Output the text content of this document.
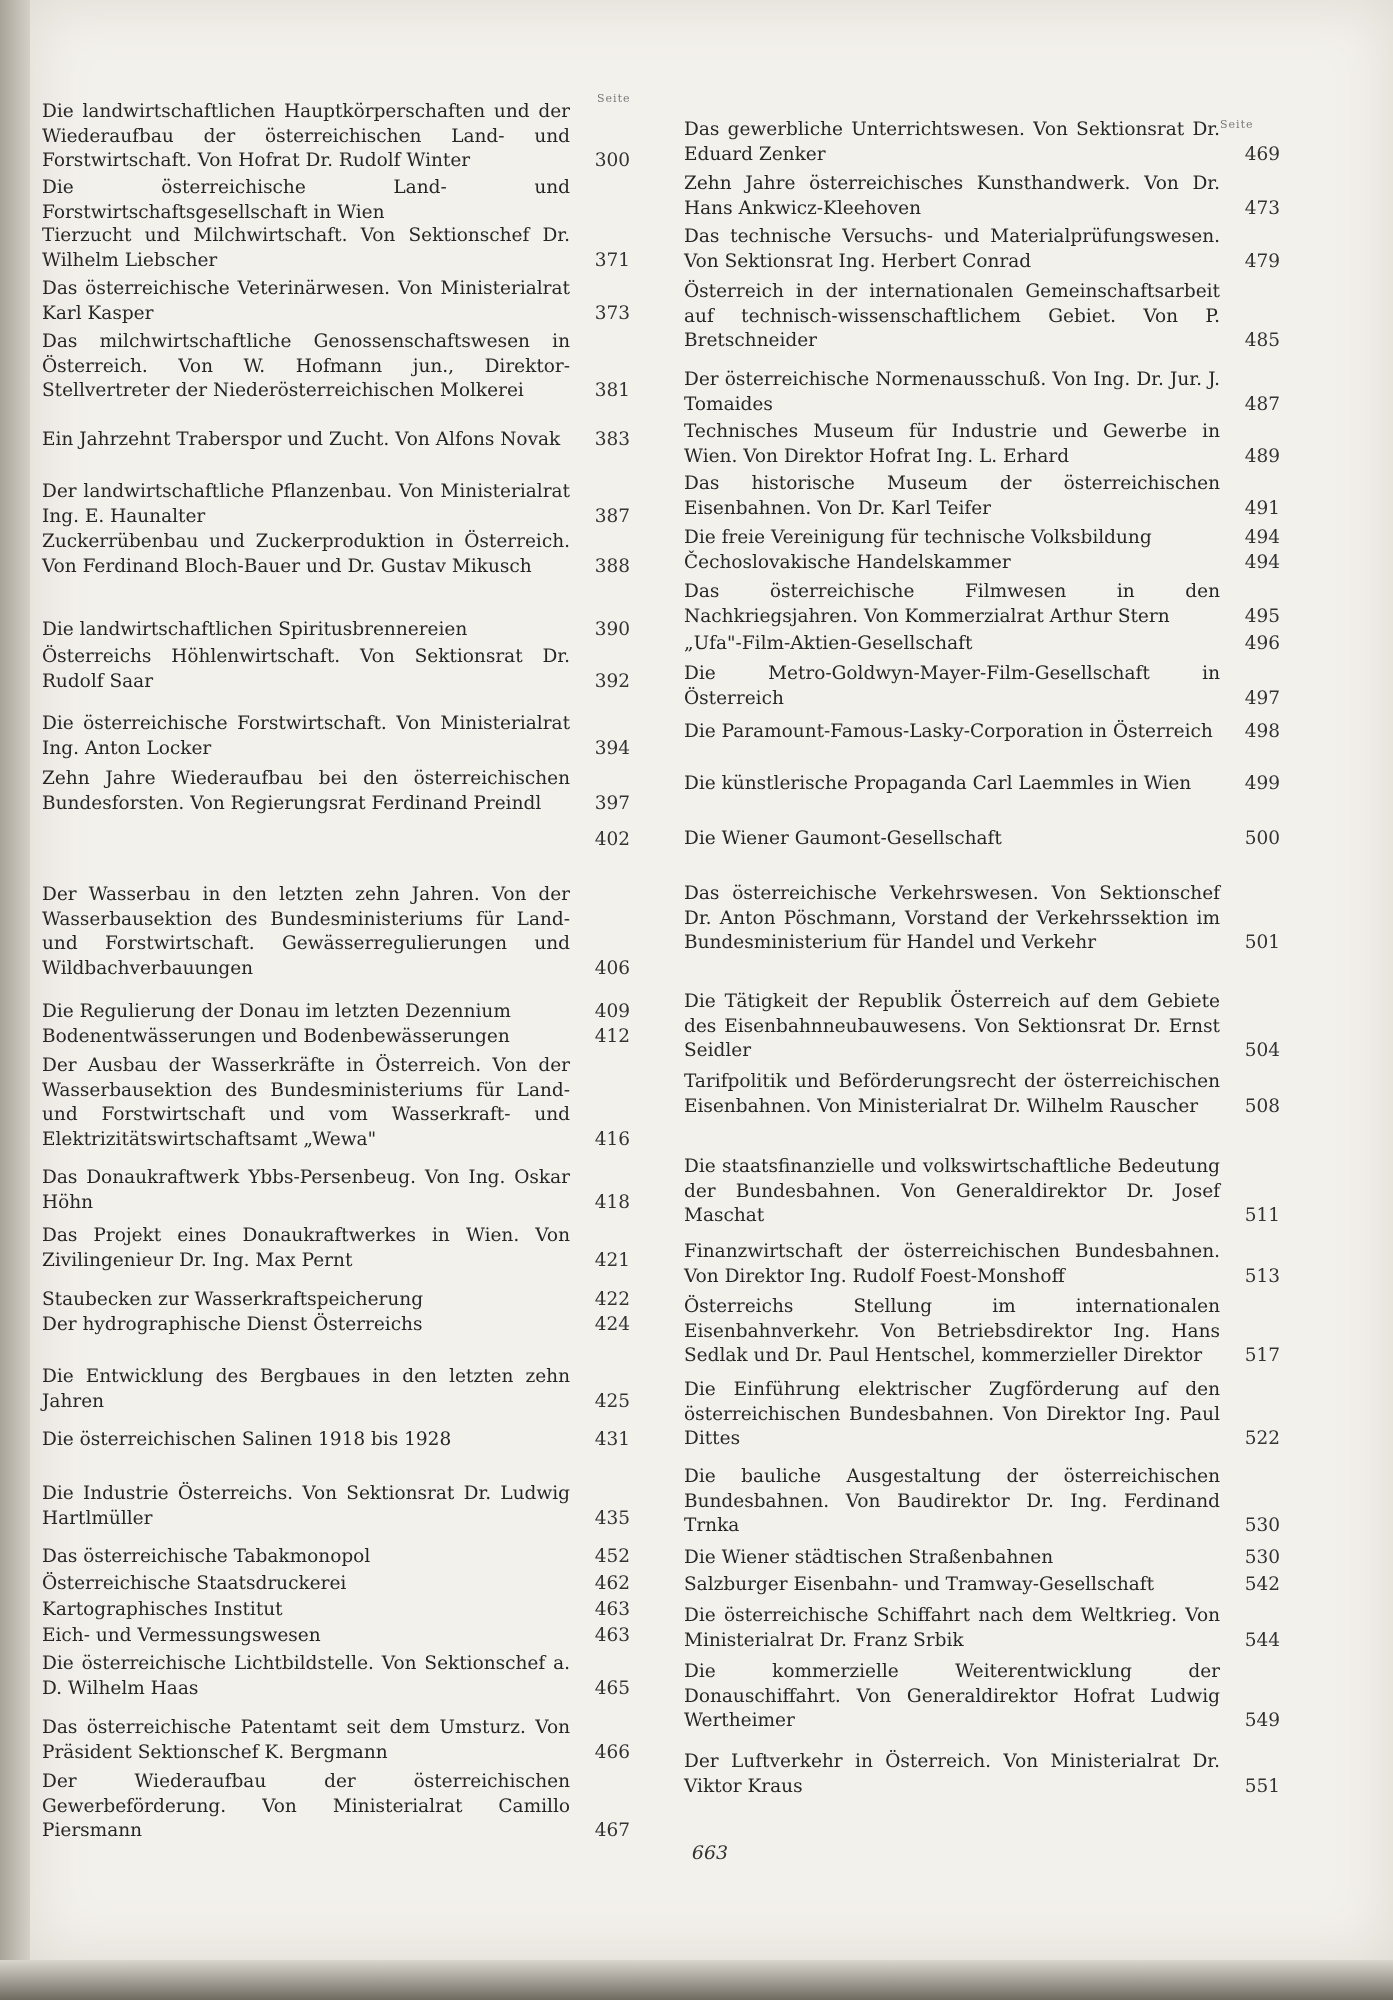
Seite
Die landwirtschaftlichen Hauptkörperschaften und der Wiederaufbau der österreichischen Land- und Forstwirtschaft. Von Hofrat Dr. Rudolf Winter	300
Die österreichische Land- und Forstwirtschaftsgesellschaft in Wien
Tierzucht und Milchwirtschaft. Von Sektionschef Dr. Wilhelm Liebscher	371
Das österreichische Veterinärwesen. Von Ministerialrat Karl Kasper	373
Das milchwirtschaftliche Genossenschaftswesen in Österreich. Von W. Hofmann jun., Direktor-Stellvertreter der Niederösterreichischen Molkerei	381
Ein Jahrzehnt Traberspor und Zucht. Von Alfons Novak	383
Der landwirtschaftliche Pflanzenbau. Von Ministerialrat Ing. E. Haunalter	387
Zuckerrübenbau und Zuckerproduktion in Österreich. Von Ferdinand Bloch-Bauer und Dr. Gustav Mikusch	388
Die landwirtschaftlichen Spiritusbrennereien	390
Österreichs Höhlenwirtschaft. Von Sektionsrat Dr. Rudolf Saar	392
Die österreichische Forstwirtschaft. Von Ministerialrat Ing. Anton Locker	394
Zehn Jahre Wiederaufbau bei den österreichischen Bundesforsten. Von Regierungsrat Ferdinand Preindl	397
402
Der Wasserbau in den letzten zehn Jahren. Von der Wasserbausektion des Bundesministeriums für Land- und Forstwirtschaft. Gewässerregulierungen und Wildbachverbauungen	406
Die Regulierung der Donau im letzten Dezennium	409
Bodenentwässerungen und Bodenbewässerungen	412
Der Ausbau der Wasserkräfte in Österreich. Von der Wasserbausektion des Bundesministeriums für Land- und Forstwirtschaft und vom Wasserkraft- und Elektrizitätswirtschaftsamt „Wewa"	416
Das Donaukraftwerk Ybbs-Persenbeug. Von Ing. Oskar Höhn	418
Das Projekt eines Donaukraftwerkes in Wien. Von Zivilingenieur Dr. Ing. Max Pernt	421
Staubecken zur Wasserkraftspeicherung	422
Der hydrographische Dienst Österreichs	424
Die Entwicklung des Bergbaues in den letzten zehn Jahren	425
Die österreichischen Salinen 1918 bis 1928	431
Die Industrie Österreichs. Von Sektionsrat Dr. Ludwig Hartlmüller	435
Das österreichische Tabakmonopol	452
Österreichische Staatsdruckerei	462
Kartographisches Institut	463
Eich- und Vermessungswesen	463
Die österreichische Lichtbildstelle. Von Sektionschef a. D. Wilhelm Haas	465
Das österreichische Patentamt seit dem Umsturz. Von Präsident Sektionschef K. Bergmann	466
Der Wiederaufbau der österreichischen Gewerbeförderung. Von Ministerialrat Camillo Piersmann	467
Seite
Das gewerbliche Unterrichtswesen. Von Sektionsrat Dr. Eduard Zenker	469
Zehn Jahre österreichisches Kunsthandwerk. Von Dr. Hans Ankwicz-Kleehoven	473
Das technische Versuchs- und Materialprüfungswesen. Von Sektionsrat Ing. Herbert Conrad	479
Österreich in der internationalen Gemeinschaftsarbeit auf technisch-wissenschaftlichem Gebiet. Von P. Bretschneider	485
Der österreichische Normenausschuß. Von Ing. Dr. Jur. J. Tomaides	487
Technisches Museum für Industrie und Gewerbe in Wien. Von Direktor Hofrat Ing. L. Erhard	489
Das historische Museum der österreichischen Eisenbahnen. Von Dr. Karl Teifer	491
Die freie Vereinigung für technische Volksbildung	494
Čechoslovakische Handelskammer	494
Das österreichische Filmwesen in den Nachkriegsjahren. Von Kommerzialrat Arthur Stern	495
„Ufa"-Film-Aktien-Gesellschaft	496
Die Metro-Goldwyn-Mayer-Film-Gesellschaft in Österreich	497
Die Paramount-Famous-Lasky-Corporation in Österreich	498
Die künstlerische Propaganda Carl Laemmles in Wien	499
Die Wiener Gaumont-Gesellschaft	500
Das österreichische Verkehrswesen. Von Sektionschef Dr. Anton Pöschmann, Vorstand der Verkehrssektion im Bundesministerium für Handel und Verkehr	501
Die Tätigkeit der Republik Österreich auf dem Gebiete des Eisenbahnneubauwesens. Von Sektionsrat Dr. Ernst Seidler	504
Tarifpolitik und Beförderungsrecht der österreichischen Eisenbahnen. Von Ministerialrat Dr. Wilhelm Rauscher	508
Die staatsfinanzielle und volkswirtschaftliche Bedeutung der Bundesbahnen. Von Generaldirektor Dr. Josef Maschat	511
Finanzwirtschaft der österreichischen Bundesbahnen. Von Direktor Ing. Rudolf Foest-Monshoff	513
Österreichs Stellung im internationalen Eisenbahnverkehr. Von Betriebsdirektor Ing. Hans Sedlak und Dr. Paul Hentschel, kommerzieller Direktor	517
Die Einführung elektrischer Zugförderung auf den österreichischen Bundesbahnen. Von Direktor Ing. Paul Dittes	522
Die bauliche Ausgestaltung der österreichischen Bundesbahnen. Von Baudirektor Dr. Ing. Ferdinand Trnka	530
Die Wiener städtischen Straßenbahnen	530
Salzburger Eisenbahn- und Tramway-Gesellschaft	542
Die österreichische Schiffahrt nach dem Weltkrieg. Von Ministerialrat Dr. Franz Srbik	544
Die kommerzielle Weiterentwicklung der Donauschiffahrt. Von Generaldirektor Hofrat Ludwig Wertheimer	549
Der Luftverkehr in Österreich. Von Ministerialrat Dr. Viktor Kraus	551
663
